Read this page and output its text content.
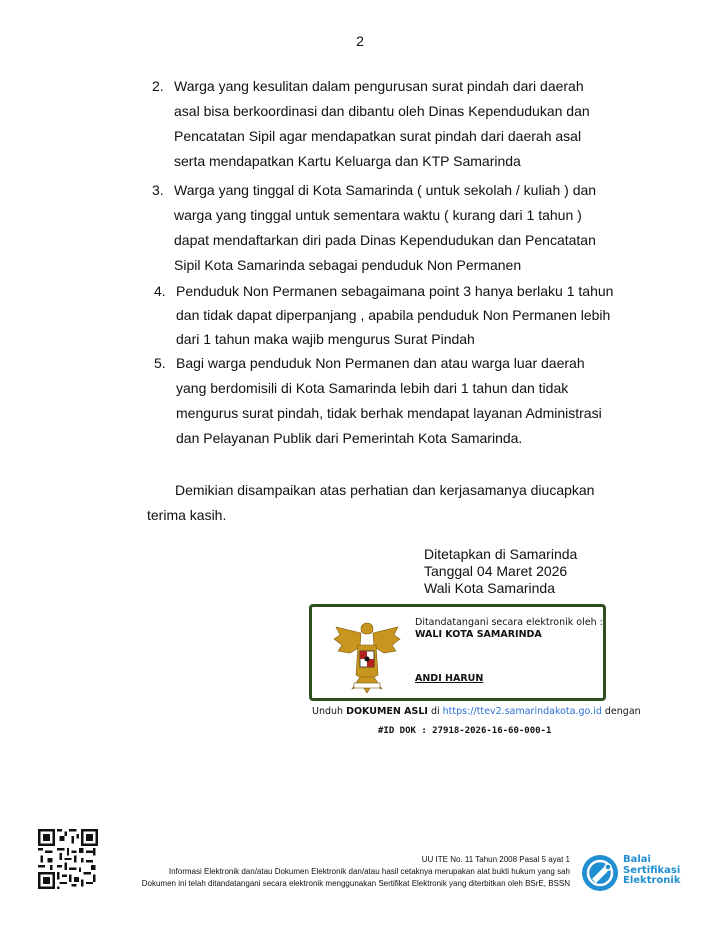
2
2. Warga yang kesulitan dalam pengurusan surat pindah dari daerah
asal bisa berkoordinasi dan dibantu oleh Dinas Kependudukan dan
Pencatatan Sipil agar mendapatkan surat pindah dari daerah asal
serta mendapatkan Kartu Keluarga dan KTP Samarinda
3. Warga yang tinggal di Kota Samarinda ( untuk sekolah / kuliah ) dan
warga yang tinggal untuk sementara waktu ( kurang dari 1 tahun )
dapat mendaftarkan diri pada Dinas Kependudukan dan Pencatatan
Sipil Kota Samarinda sebagai penduduk Non Permanen
4. Penduduk Non Permanen sebagaimana point 3 hanya berlaku 1 tahun
dan tidak dapat diperpanjang , apabila penduduk Non Permanen lebih
dari 1 tahun maka wajib mengurus Surat Pindah
5. Bagi warga penduduk Non Permanen dan atau warga luar daerah
yang berdomisili di Kota Samarinda lebih dari 1 tahun dan tidak
mengurus surat pindah, tidak berhak mendapat layanan Administrasi
dan Pelayanan Publik dari Pemerintah Kota Samarinda.
Demikian disampaikan atas perhatian dan kerjasamanya diucapkan
terima kasih.
Ditetapkan di Samarinda
Tanggal 04 Maret 2026
Wali Kota Samarinda
Ditandatangani secara elektronik oleh :
WALI KOTA SAMARINDA
ANDI HARUN
Unduh DOKUMEN ASLI di https://ttev2.samarindakota.go.id dengan
#ID DOK : 27918-2026-16-60-000-1
UU ITE No. 11 Tahun 2008 Pasal 5 ayat 1
Informasi Elektronik dan/atau Dokumen Elektronik dan/atau hasil cetaknya merupakan alat bukti hukum yang sah
Dokumen ini telah ditandatangani secara elektronik menggunakan Sertifikat Elektronik yang diterbitkan oleh BSrE, BSSN
Balai
Sertifikasi
Elektronik
